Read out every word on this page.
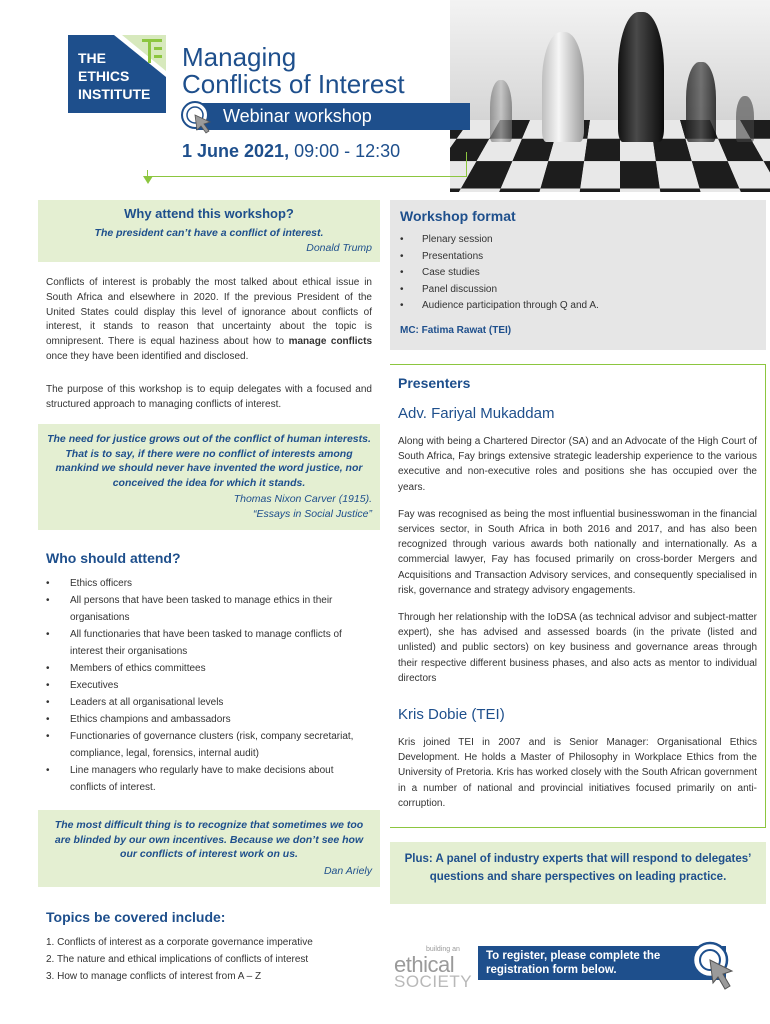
THE
ETHICS
INSTITUTE
Managing
Conflicts of Interest
Webinar workshop
1 June 2021, 09:00 - 12:30
Why attend this workshop?
The president can’t have a conflict of interest.
Donald Trump

Conflicts of interest is probably the most talked about ethical issue in South Africa and elsewhere in 2020. If the previous President of the United States could display this level of ignorance about conflicts of interest, it stands to reason that uncertainty about the topic is omnipresent. There is equal haziness about how to manage conflicts once they have been identified and disclosed.

The purpose of this workshop is to equip delegates with a focused and structured approach to managing conflicts of interest.

The need for justice grows out of the conflict of human interests. That is to say, if there were no conflict of interests among mankind we should never have invented the word justice, nor conceived the idea for which it stands.
Thomas Nixon Carver (1915).
“Essays in Social Justice”
Who should attend?
• Ethics officers
• All persons that have been tasked to manage ethics in their organisations
• All functionaries that have been tasked to manage conflicts of interest their organisations
• Members of ethics committees
• Executives
• Leaders at all organisational levels
• Ethics champions and ambassadors
• Functionaries of governance clusters (risk, company secretariat, compliance, legal, forensics, internal audit)
• Line managers who regularly have to make decisions about conflicts of interest.
The most difficult thing is to recognize that sometimes we too are blinded by our own incentives. Because we don’t see how our conflicts of interest work on us.
Dan Ariely
Topics be covered include:
1. Conflicts of interest as a corporate governance imperative
2. The nature and ethical implications of conflicts of interest
3. How to manage conflicts of interest from A – Z
Workshop format
• Plenary session
• Presentations
• Case studies
• Panel discussion
• Audience participation through Q and A.
MC: Fatima Rawat (TEI)
Presenters
Adv. Fariyal Mukaddam

Along with being a Chartered Director (SA) and an Advocate of the High Court of South Africa, Fay brings extensive strategic leadership experience to the various executive and non-executive roles and positions she has occupied over the years.

Fay was recognised as being the most influential businesswoman in the financial services sector, in South Africa in both 2016 and 2017, and has also been recognized through various awards both nationally and internationally. As a commercial lawyer, Fay has focused primarily on cross-border Mergers and Acquisitions and Transaction Advisory services, and consequently specialised in risk, governance and strategy advisory engagements.

Through her relationship with the IoDSA (as technical advisor and subject-matter expert), she has advised and assessed boards (in the private (listed and unlisted) and public sectors) on key business and governance areas through their respective different business phases, and also acts as mentor to individual directors

Kris Dobie (TEI)

Kris joined TEI in 2007 and is Senior Manager: Organisational Ethics Development. He holds a Master of Philosophy in Workplace Ethics from the University of Pretoria. Kris has worked closely with the South African government in a number of national and provincial initiatives focused primarily on anti-corruption.

Plus: A panel of industry experts that will respond to delegates’ questions and share perspectives on leading practice.
building an
ethical
SOCIETY
To register, please complete the registration form below.
